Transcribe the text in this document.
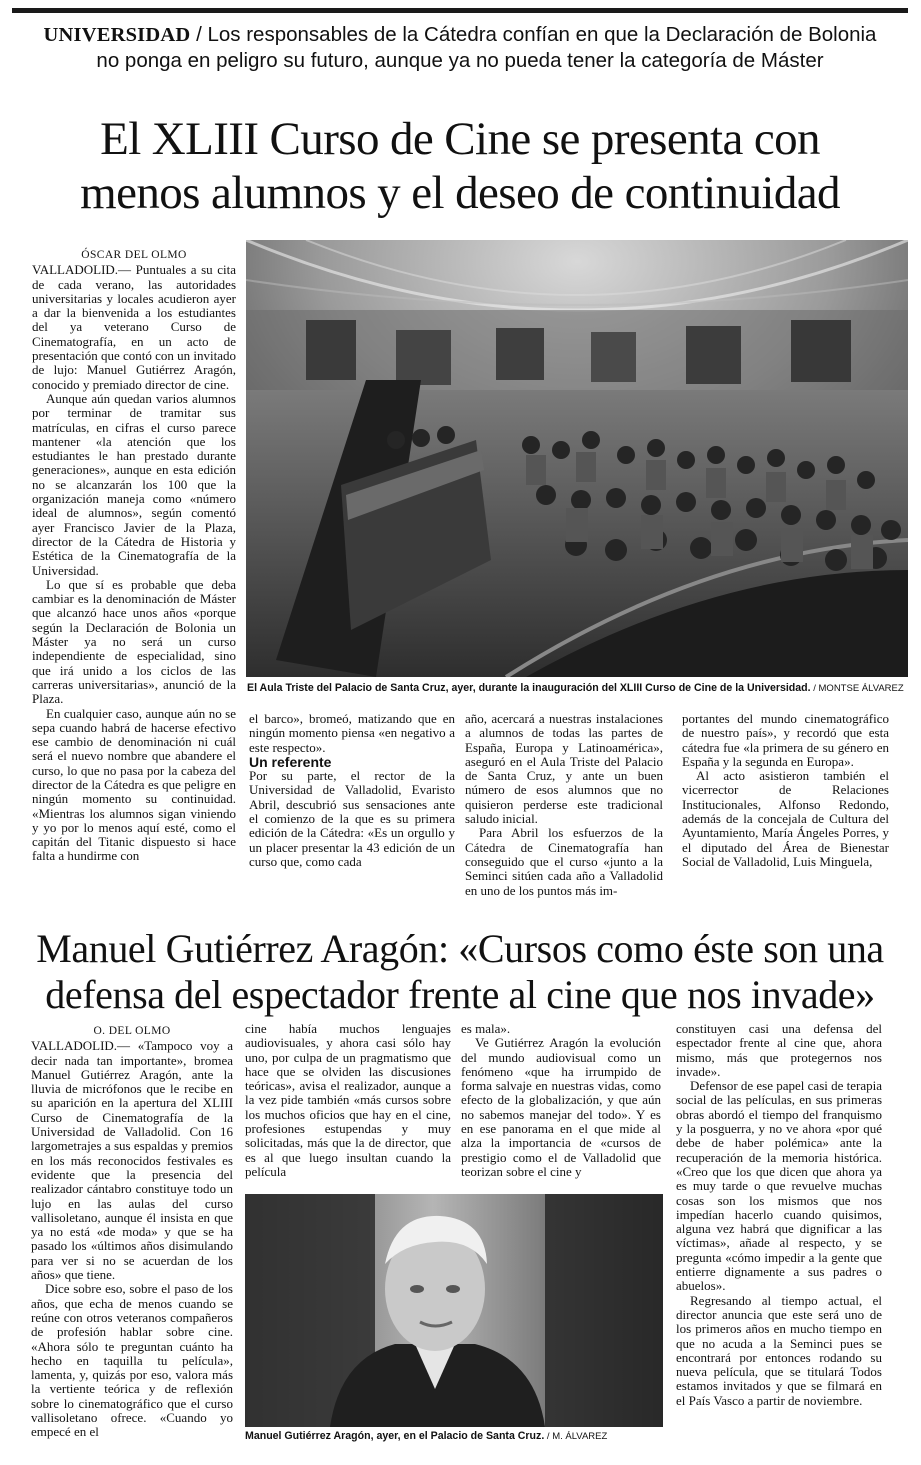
UNIVERSIDAD / Los responsables de la Cátedra confían en que la Declaración de Bolonia
no ponga en peligro su futuro, aunque ya no pueda tener la categoría de Máster
El XLIII Curso de Cine se presenta con
menos alumnos y el deseo de continuidad
ÓSCAR DEL OLMO

VALLADOLID.— Puntuales a su cita de cada verano, las autoridades universitarias y locales acudieron ayer a dar la bienvenida a los estudiantes del ya veterano Curso de Cinematografía, en un acto de presentación que contó con un invitado de lujo: Manuel Gutiérrez Aragón, conocido y premiado director de cine.

Aunque aún quedan varios alumnos por terminar de tramitar sus matrículas, en cifras el curso parece mantener «la atención que los estudiantes le han prestado durante generaciones», aunque en esta edición no se alcanzarán los 100 que la organización maneja como «número ideal de alumnos», según comentó ayer Francisco Javier de la Plaza, director de la Cátedra de Historia y Estética de la Cinematografía de la Universidad.

Lo que sí es probable que deba cambiar es la denominación de Máster que alcanzó hace unos años «porque según la Declaración de Bolonia un Máster ya no será un curso independiente de especialidad, sino que irá unido a los ciclos de las carreras universitarias», anunció de la Plaza.

En cualquier caso, aunque aún no se sepa cuando habrá de hacerse efectivo ese cambio de denominación ni cuál será el nuevo nombre que abandere el curso, lo que no pasa por la cabeza del director de la Cátedra es que peligre en ningún momento su continuidad. «Mientras los alumnos sigan viniendo y yo por lo menos aquí esté, como el capitán del Titanic dispuesto si hace falta a hundirme con

El Aula Triste del Palacio de Santa Cruz, ayer, durante la inauguración del XLIII Curso de Cine de la Universidad. / MONTSE ÁLVAREZ

el barco», bromeó, matizando que en ningún momento piensa «en negativo a este respecto».

Un referente

Por su parte, el rector de la Universidad de Valladolid, Evaristo Abril, descubrió sus sensaciones ante el comienzo de la que es su primera edición de la Cátedra: «Es un orgullo y un placer presentar la 43 edición de un curso que, como cada

año, acercará a nuestras instalaciones a alumnos de todas las partes de España, Europa y Latinoamérica», aseguró en el Aula Triste del Palacio de Santa Cruz, y ante un buen número de esos alumnos que no quisieron perderse este tradicional saludo inicial.

Para Abril los esfuerzos de la Cátedra de Cinematografía han conseguido que el curso «junto a la Seminci sitúen cada año a Valladolid en uno de los puntos más im-

portantes del mundo cinematográfico de nuestro país», y recordó que esta cátedra fue «la primera de su género en España y la segunda en Europa».

Al acto asistieron también el vicerrector de Relaciones Institucionales, Alfonso Redondo, además de la concejala de Cultura del Ayuntamiento, María Ángeles Porres, y el diputado del Área de Bienestar Social de Valladolid, Luis Minguela,

Manuel Gutiérrez Aragón: «Cursos como éste son una
defensa del espectador frente al cine que nos invade»
O. DEL OLMO

VALLADOLID.— «Tampoco voy a decir nada tan importante», bromea Manuel Gutiérrez Aragón, ante la lluvia de micrófonos que le recibe en su aparición en la apertura del XLIII Curso de Cinematografía de la Universidad de Valladolid. Con 16 largometrajes a sus espaldas y premios en los más reconocidos festivales es evidente que la presencia del realizador cántabro constituye todo un lujo en las aulas del curso vallisoletano, aunque él insista en que ya no está «de moda» y que se ha pasado los «últimos años disimulando para ver si no se acuerdan de los años» que tiene.

Dice sobre eso, sobre el paso de los años, que echa de menos cuando se reúne con otros veteranos compañeros de profesión hablar sobre cine. «Ahora sólo te preguntan cuánto ha hecho en taquilla tu película», lamenta, y, quizás por eso, valora más la vertiente teórica y de reflexión sobre lo cinematográfico que el curso vallisoletano ofrece. «Cuando yo empecé en el

cine había muchos lenguajes audiovisuales, y ahora casi sólo hay uno, por culpa de un pragmatismo que hace que se olviden las discusiones teóricas», avisa el realizador, aunque a la vez pide también «más cursos sobre los muchos oficios que hay en el cine, profesiones estupendas y muy solicitadas, más que la de director, que es al que luego insultan cuando la película

es mala».

Ve Gutiérrez Aragón la evolución del mundo audiovisual como un fenómeno «que ha irrumpido de forma salvaje en nuestras vidas, como efecto de la globalización, y que aún no sabemos manejar del todo». Y es en ese panorama en el que mide al alza la importancia de «cursos de prestigio como el de Valladolid que teorizan sobre el cine y

Manuel Gutiérrez Aragón, ayer, en el Palacio de Santa Cruz. / M. ÁLVAREZ

constituyen casi una defensa del espectador frente al cine que, ahora mismo, más que protegernos nos invade».

Defensor de ese papel casi de terapia social de las películas, en sus primeras obras abordó el tiempo del franquismo y la posguerra, y no ve ahora «por qué debe de haber polémica» ante la recuperación de la memoria histórica. «Creo que los que dicen que ahora ya es muy tarde o que revuelve muchas cosas son los mismos que nos impedían hacerlo cuando quisimos, alguna vez habrá que dignificar a las víctimas», añade al respecto, y se pregunta «cómo impedir a la gente que entierre dignamente a sus padres o abuelos».

Regresando al tiempo actual, el director anuncia que este será uno de los primeros años en mucho tiempo en que no acuda a la Seminci pues se encontrará por entonces rodando su nueva película, que se titulará Todos estamos invitados y que se filmará en el País Vasco a partir de noviembre.
